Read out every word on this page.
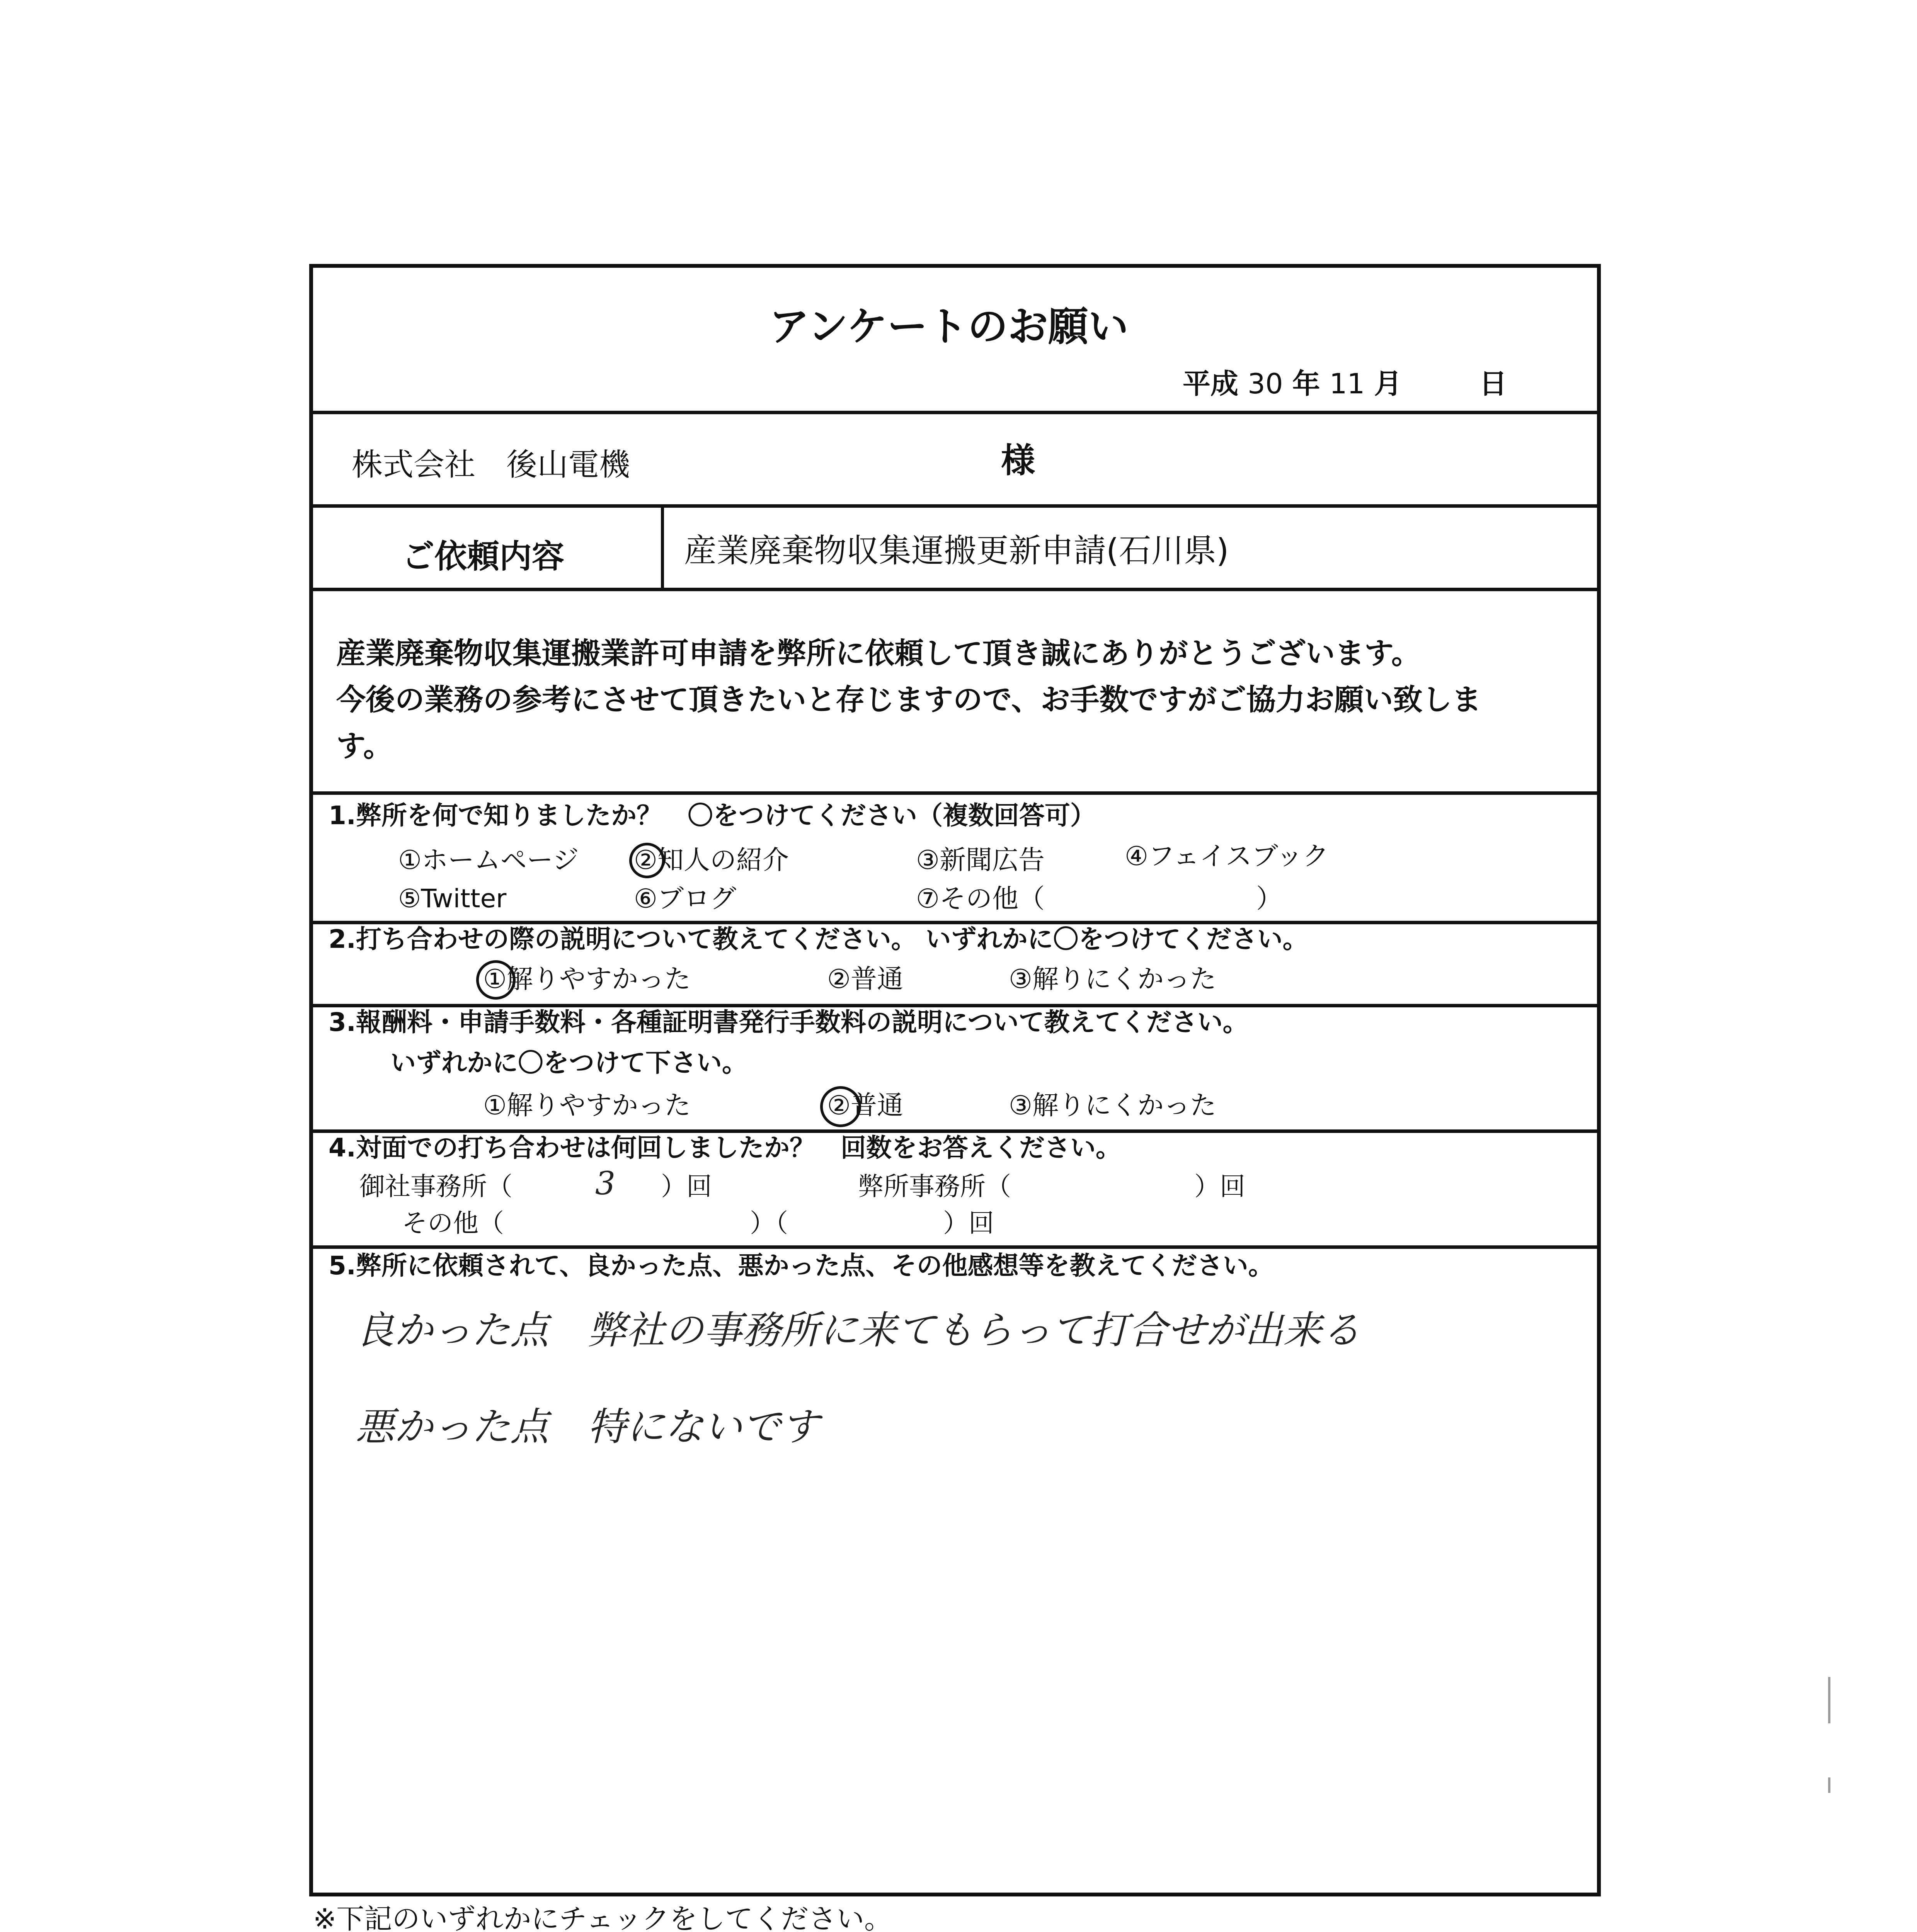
アンケートのお願い
平成 30 年 11 月	日
株式会社　後山電機	様
ご依頼内容	産業廃棄物収集運搬更新申請(石川県)
産業廃棄物収集運搬業許可申請を弊所に依頼して頂き誠にありがとうございます。
今後の業務の参考にさせて頂きたいと存じますので、お手数ですがご協力お願い致しま
す。
1.弊所を何で知りましたか？　〇をつけてください（複数回答可）
①ホームページ ②知人の紹介	③新聞広告	④フェイスブック
⑤Twitter	⑥ブログ	⑦その他（	）
2.打ち合わせの際の説明について教えてください。 いずれかに〇をつけてください。
①解りやすかった	②普通	③解りにくかった
3.報酬料・申請手数料・各種証明書発行手数料の説明について教えてください。
いずれかに〇をつけて下さい。
①解りやすかった	②普通	③解りにくかった
4.対面での打ち合わせは何回しましたか？　回数をお答えください。
御社事務所（	3 ）回	弊所事務所（	）回
その他（	）（	）回
5.弊所に依頼されて、良かった点、悪かった点、その他感想等を教えてください。
良かった点　弊社の事務所に来てもらって打合せが出来る
悪かった点　特にないです
※下記のいずれかにチェックをしてください。
